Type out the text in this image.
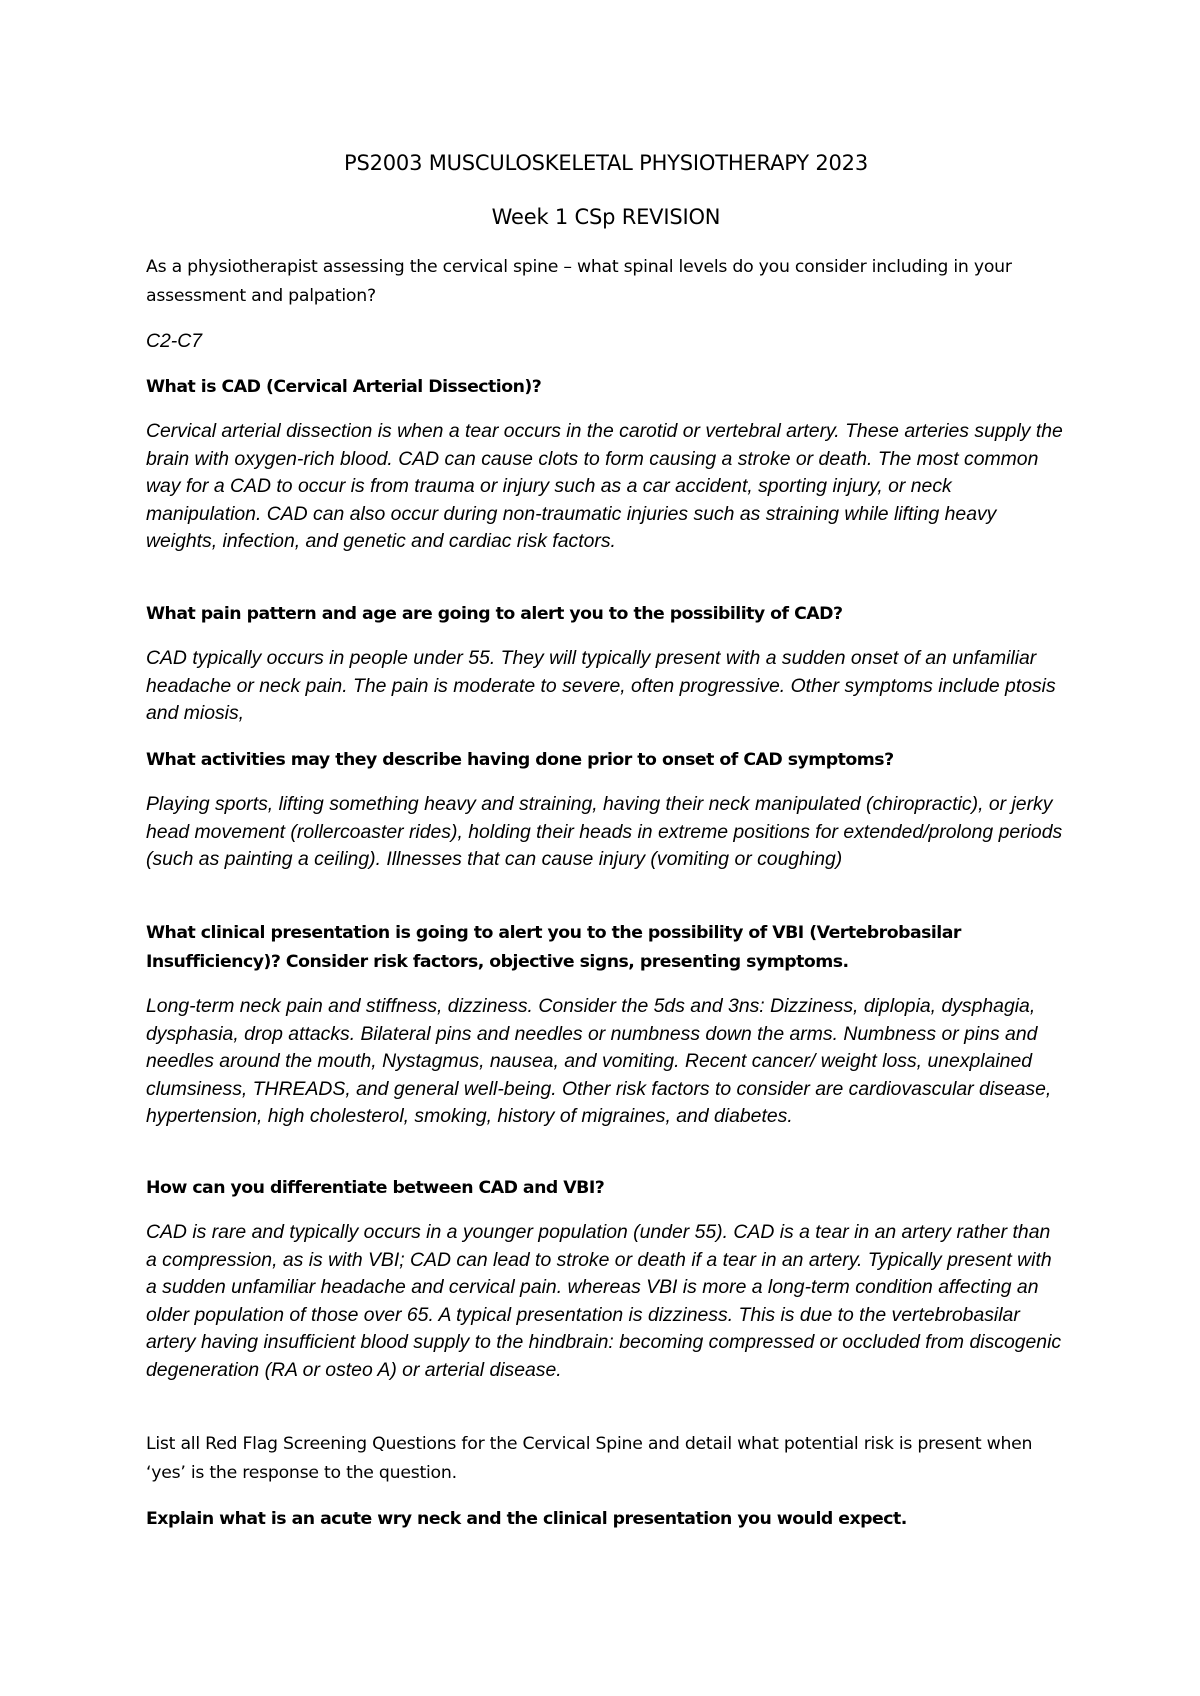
PS2003 MUSCULOSKELETAL PHYSIOTHERAPY 2023
Week 1 CSp REVISION

As a physiotherapist assessing the cervical spine – what spinal levels do you consider including in your assessment and palpation?

C2-C7

What is CAD (Cervical Arterial Dissection)?

Cervical arterial dissection is when a tear occurs in the carotid or vertebral artery. These arteries supply the brain with oxygen-rich blood. CAD can cause clots to form causing a stroke or death. The most common way for a CAD to occur is from trauma or injury such as a car accident, sporting injury, or neck manipulation. CAD can also occur during non-traumatic injuries such as straining while lifting heavy weights, infection, and genetic and cardiac risk factors.

What pain pattern and age are going to alert you to the possibility of CAD?

CAD typically occurs in people under 55. They will typically present with a sudden onset of an unfamiliar headache or neck pain. The pain is moderate to severe, often progressive. Other symptoms include ptosis and miosis,

What activities may they describe having done prior to onset of CAD symptoms?

Playing sports, lifting something heavy and straining, having their neck manipulated (chiropractic), or jerky head movement (rollercoaster rides), holding their heads in extreme positions for extended/prolong periods (such as painting a ceiling). Illnesses that can cause injury (vomiting or coughing)

What clinical presentation is going to alert you to the possibility of VBI (Vertebrobasilar Insufficiency)? Consider risk factors, objective signs, presenting symptoms.

Long-term neck pain and stiffness, dizziness. Consider the 5ds and 3ns: Dizziness, diplopia, dysphagia, dysphasia, drop attacks. Bilateral pins and needles or numbness down the arms. Numbness or pins and needles around the mouth, Nystagmus, nausea, and vomiting. Recent cancer/ weight loss, unexplained clumsiness, THREADS, and general well-being. Other risk factors to consider are cardiovascular disease, hypertension, high cholesterol, smoking, history of migraines, and diabetes.

How can you differentiate between CAD and VBI?

CAD is rare and typically occurs in a younger population (under 55). CAD is a tear in an artery rather than a compression, as is with VBI; CAD can lead to stroke or death if a tear in an artery. Typically present with a sudden unfamiliar headache and cervical pain. whereas VBI is more a long-term condition affecting an older population of those over 65. A typical presentation is dizziness. This is due to the vertebrobasilar artery having insufficient blood supply to the hindbrain: becoming compressed or occluded from discogenic degeneration (RA or osteo A) or arterial disease.

List all Red Flag Screening Questions for the Cervical Spine and detail what potential risk is present when ‘yes’ is the response to the question.

Explain what is an acute wry neck and the clinical presentation you would expect.
